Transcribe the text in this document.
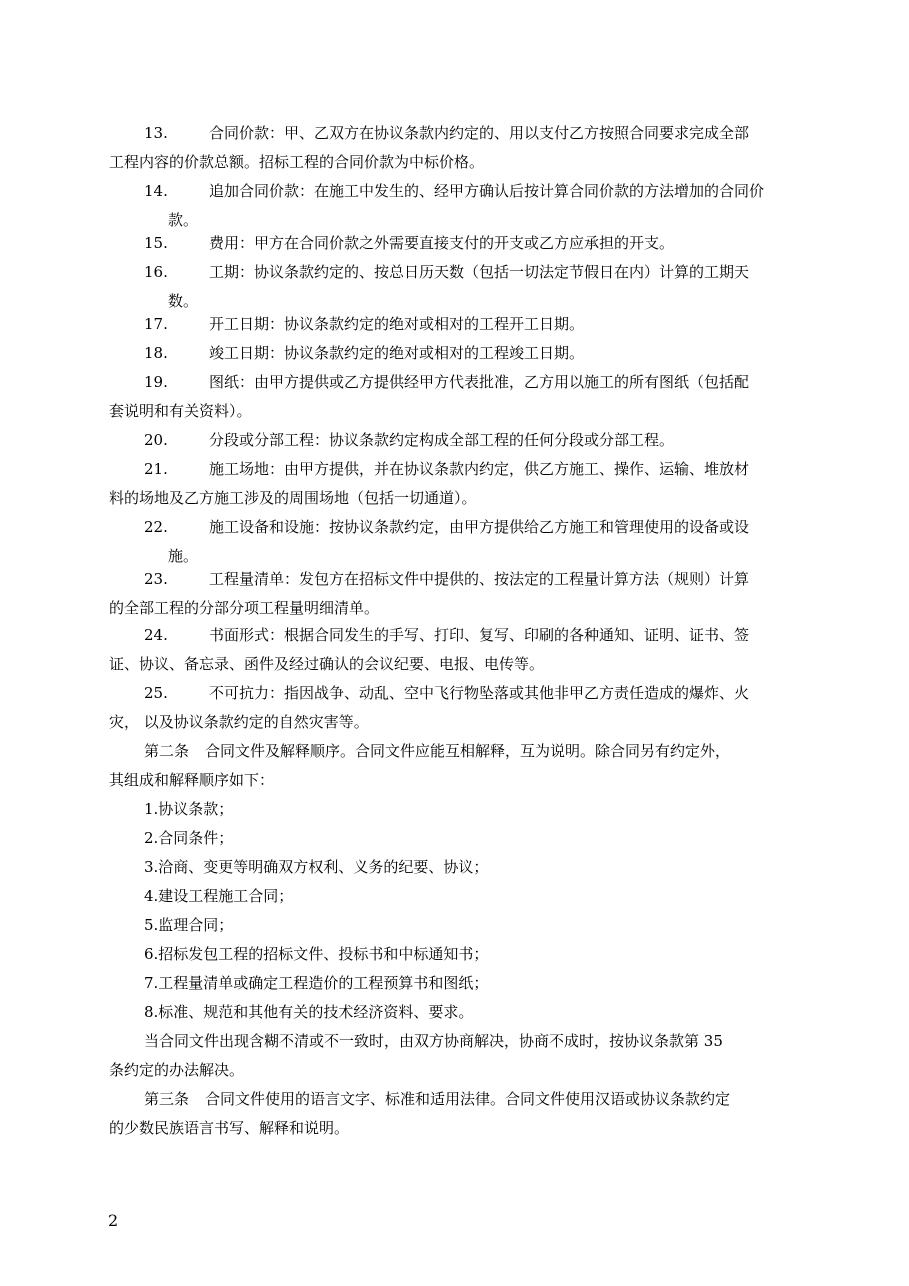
13.	合同价款：甲、乙双方在协议条款内约定的、用以支付乙方按照合同要求完成全部
工程内容的价款总额。招标工程的合同价款为中标价格。
14.	追加合同价款：在施工中发生的、经甲方确认后按计算合同价款的方法增加的合同价
款。
15.	费用：甲方在合同价款之外需要直接支付的开支或乙方应承担的开支。
16.	工期：协议条款约定的、按总日历天数（包括一切法定节假日在内）计算的工期天
数。
17.	开工日期：协议条款约定的绝对或相对的工程开工日期。
18.	竣工日期：协议条款约定的绝对或相对的工程竣工日期。
19.	图纸：由甲方提供或乙方提供经甲方代表批准，乙方用以施工的所有图纸（包括配
套说明和有关资料）。
20.	分段或分部工程：协议条款约定构成全部工程的任何分段或分部工程。
21.	施工场地：由甲方提供，并在协议条款内约定，供乙方施工、操作、运输、堆放材
料的场地及乙方施工涉及的周围场地（包括一切通道）。
22.	施工设备和设施：按协议条款约定，由甲方提供给乙方施工和管理使用的设备或设
施。
23.	工程量清单：发包方在招标文件中提供的、按法定的工程量计算方法（规则）计算
的全部工程的分部分项工程量明细清单。
24.	书面形式：根据合同发生的手写、打印、复写、印刷的各种通知、证明、证书、签
证、协议、备忘录、函件及经过确认的会议纪要、电报、电传等。
25.	不可抗力：指因战争、动乱、空中飞行物坠落或其他非甲乙方责任造成的爆炸、火
灾， 以及协议条款约定的自然灾害等。
第二条 合同文件及解释顺序。合同文件应能互相解释，互为说明。除合同另有约定外，
其组成和解释顺序如下：
1.协议条款；
2.合同条件；
3.洽商、变更等明确双方权利、义务的纪要、协议；
4.建设工程施工合同；
5.监理合同；
6.招标发包工程的招标文件、投标书和中标通知书；
7.工程量清单或确定工程造价的工程预算书和图纸；
8.标准、规范和其他有关的技术经济资料、要求。
当合同文件出现含糊不清或不一致时，由双方协商解决，协商不成时，按协议条款第 35
条约定的办法解决。
第三条 合同文件使用的语言文字、标准和适用法律。合同文件使用汉语或协议条款约定
的少数民族语言书写、解释和说明。
2
